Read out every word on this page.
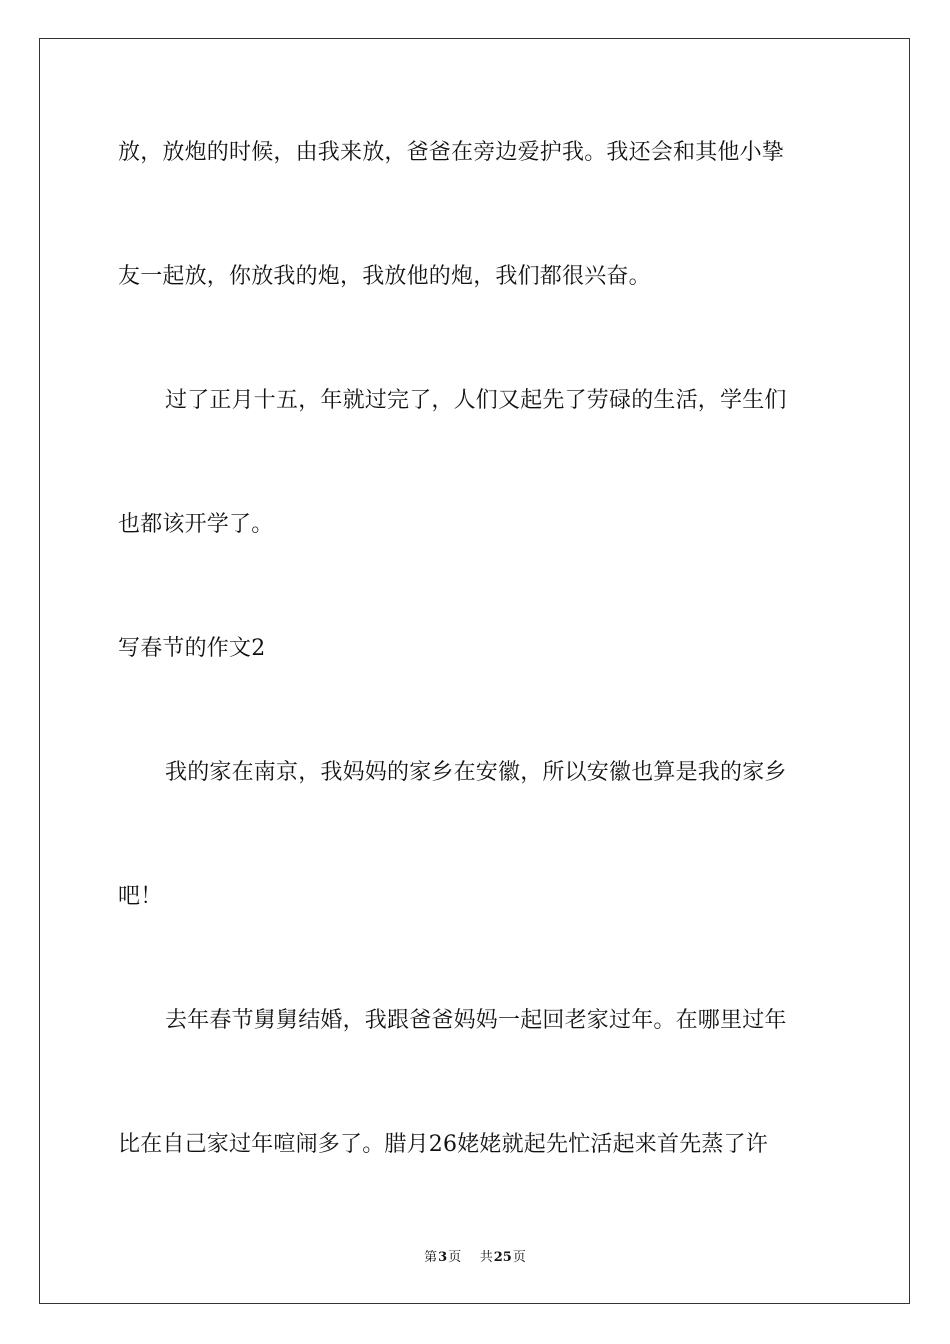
放，放炮的时候，由我来放，爸爸在旁边爱护我。我还会和其他小挚
友一起放，你放我的炮，我放他的炮，我们都很兴奋。
过了正月十五，年就过完了，人们又起先了劳碌的生活，学生们
也都该开学了。
写春节的作文2
我的家在南京，我妈妈的家乡在安徽，所以安徽也算是我的家乡
吧！
去年春节舅舅结婚，我跟爸爸妈妈一起回老家过年。在哪里过年
比在自己家过年喧闹多了。腊月26姥姥就起先忙活起来首先蒸了许
第3页 共25页
